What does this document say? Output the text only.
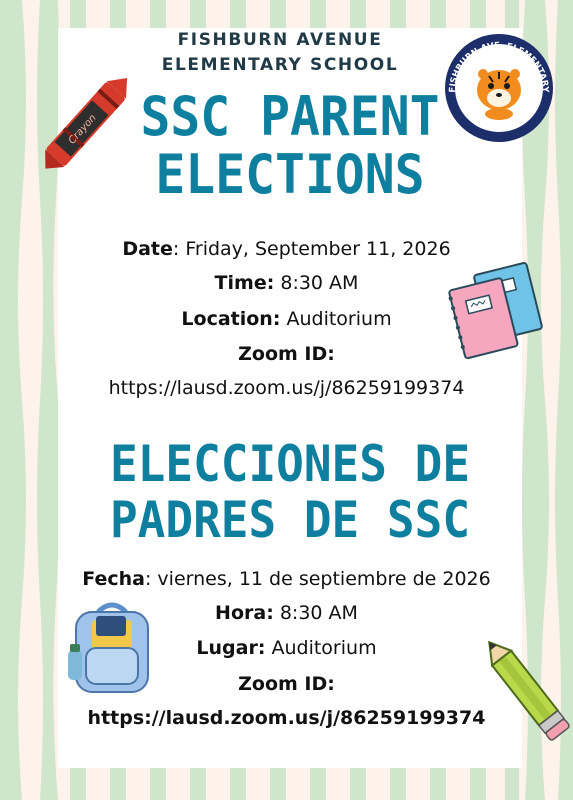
FISHBURN AVENUE
ELEMENTARY SCHOOL
Crayon
FISHBURN AVE. ELEMENTARY
TIGERS
SSC PARENT
ELECTIONS
Date: Friday, September 11, 2026
Time: 8:30 AM
Location: Auditorium
Zoom ID:
https://lausd.zoom.us/j/86259199374
ELECCIONES DE
PADRES DE SSC
Fecha: viernes, 11 de septiembre de 2026
Hora: 8:30 AM
Lugar: Auditorium
Zoom ID:
https://lausd.zoom.us/j/86259199374
